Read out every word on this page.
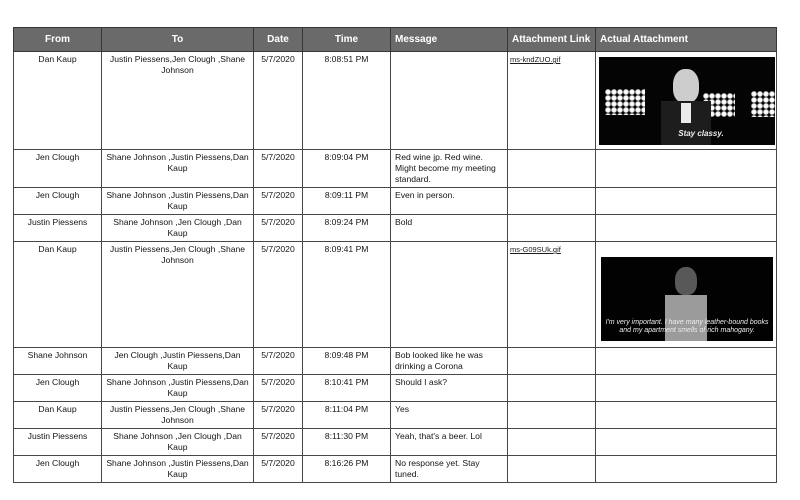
From	To	Date	Time	Message	Attachment Link	Actual Attachment
Dan Kaup	Justin Piessens,Jen Clough ,Shane Johnson	5/7/2020	8:08:51 PM		ms-kndZUO.gif	Stay classy.

Jen Clough	Shane Johnson ,Justin Piessens,Dan Kaup	5/7/2020	8:09:04 PM	Red wine jp. Red wine. Might become my meeting standard.		
Jen Clough	Shane Johnson ,Justin Piessens,Dan Kaup	5/7/2020	8:09:11 PM	Even in person.		
Justin Piessens	Shane Johnson ,Jen Clough ,Dan Kaup	5/7/2020	8:09:24 PM	Bold		
Dan Kaup	Justin Piessens,Jen Clough ,Shane Johnson	5/7/2020	8:09:41 PM		ms-G09SUk.gif	I'm very important. I have many leather-bound books and my apartment smells of rich mahogany.

Shane Johnson	Jen Clough ,Justin Piessens,Dan Kaup	5/7/2020	8:09:48 PM	Bob looked like he was drinking a Corona		
Jen Clough	Shane Johnson ,Justin Piessens,Dan Kaup	5/7/2020	8:10:41 PM	Should I ask?		
Dan Kaup	Justin Piessens,Jen Clough ,Shane Johnson	5/7/2020	8:11:04 PM	Yes		
Justin Piessens	Shane Johnson ,Jen Clough ,Dan Kaup	5/7/2020	8:11:30 PM	Yeah, that's a beer. Lol		
Jen Clough	Shane Johnson ,Justin Piessens,Dan Kaup	5/7/2020	8:16:26 PM	No response yet. Stay tuned.		
